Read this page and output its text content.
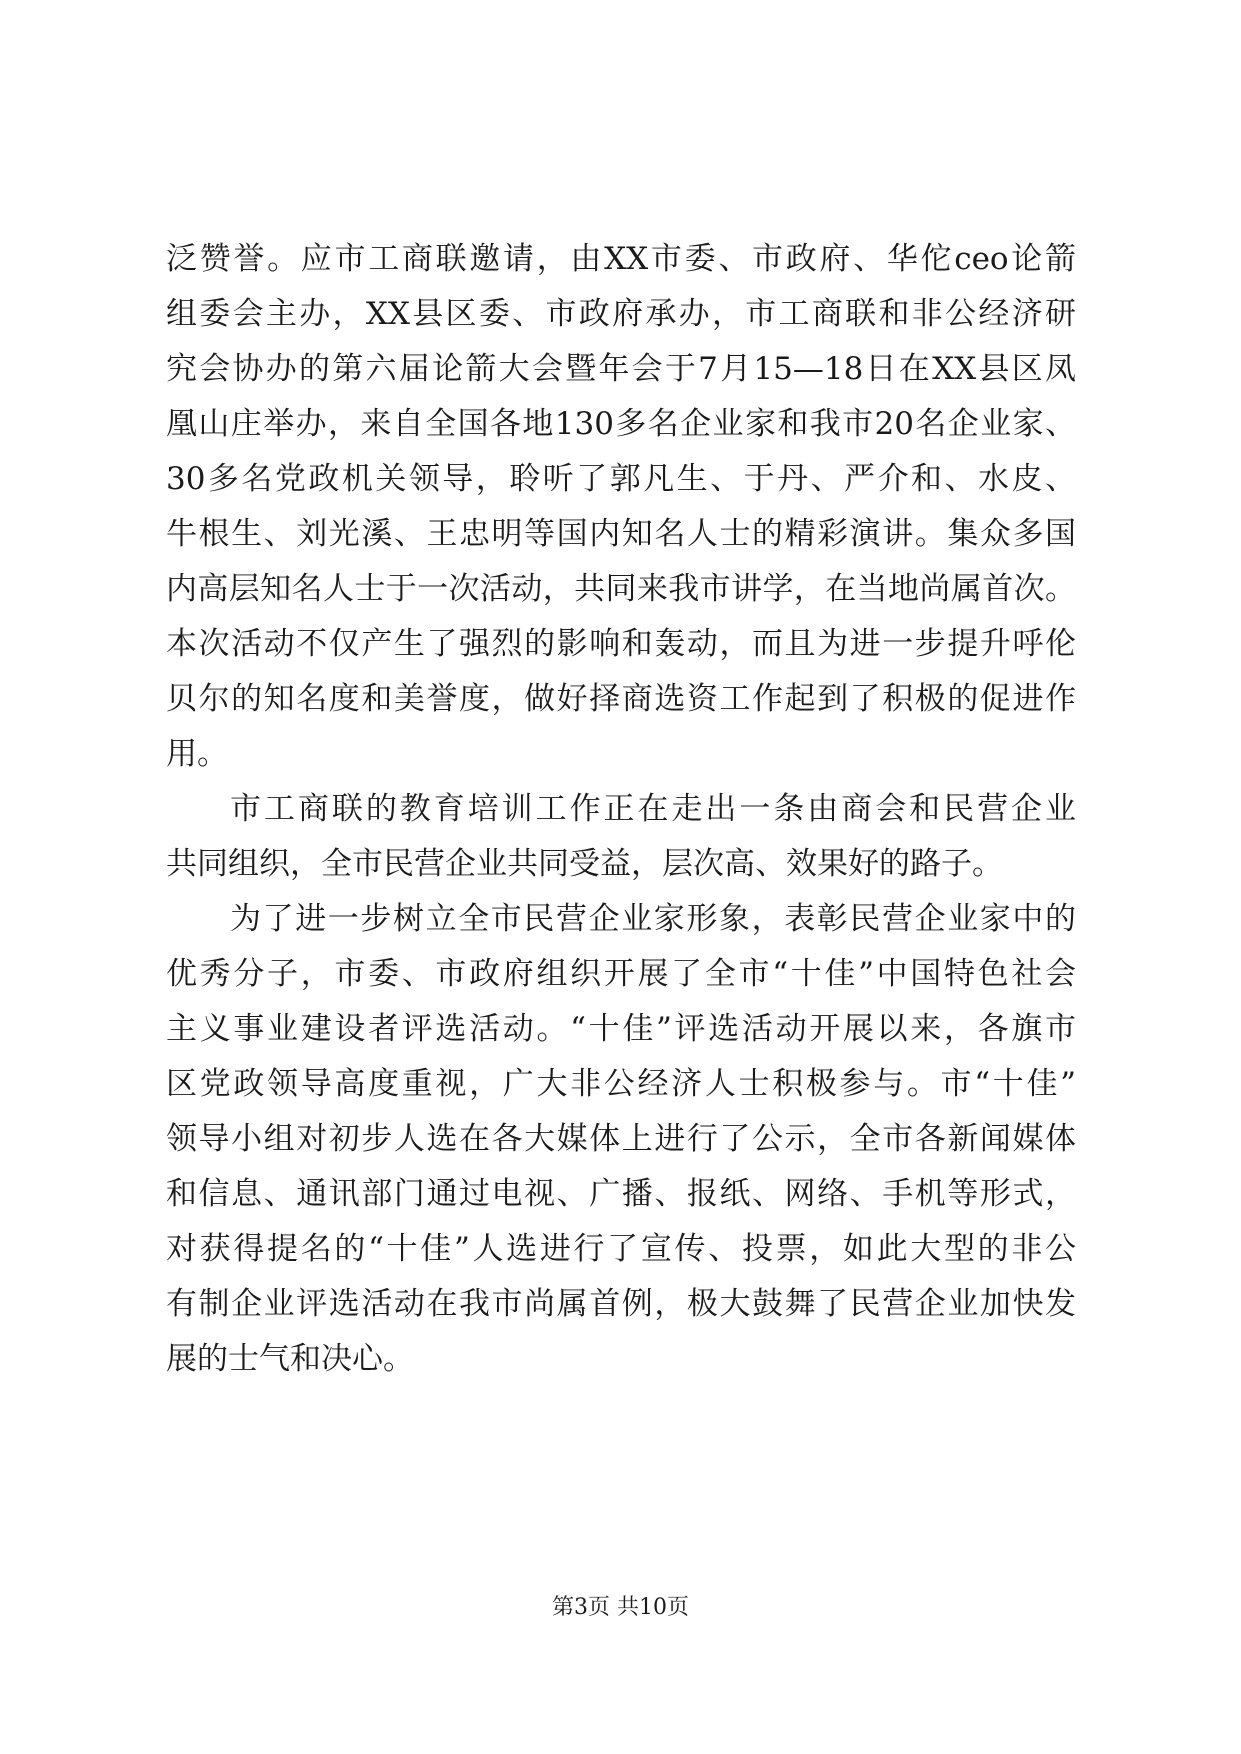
泛赞誉。应市工商联邀请，由XX市委、市政府、华佗ceo论箭
组委会主办，XX县区委、市政府承办，市工商联和非公经济研
究会协办的第六届论箭大会暨年会于7月15—18日在XX县区凤
凰山庄举办，来自全国各地130多名企业家和我市20名企业家、
30多名党政机关领导，聆听了郭凡生、于丹、严介和、水皮、
牛根生、刘光溪、王忠明等国内知名人士的精彩演讲。集众多国
内高层知名人士于一次活动，共同来我市讲学，在当地尚属首次。
本次活动不仅产生了强烈的影响和轰动，而且为进一步提升呼伦
贝尔的知名度和美誉度，做好择商选资工作起到了积极的促进作
用。
市工商联的教育培训工作正在走出一条由商会和民营企业
共同组织，全市民营企业共同受益，层次高、效果好的路子。
为了进一步树立全市民营企业家形象，表彰民营企业家中的
优秀分子，市委、市政府组织开展了全市“十佳”中国特色社会
主义事业建设者评选活动。“十佳”评选活动开展以来，各旗市
区党政领导高度重视，广大非公经济人士积极参与。市“十佳”
领导小组对初步人选在各大媒体上进行了公示，全市各新闻媒体
和信息、通讯部门通过电视、广播、报纸、网络、手机等形式，
对获得提名的“十佳”人选进行了宣传、投票，如此大型的非公
有制企业评选活动在我市尚属首例，极大鼓舞了民营企业加快发
展的士气和决心。
第3页 共10页
